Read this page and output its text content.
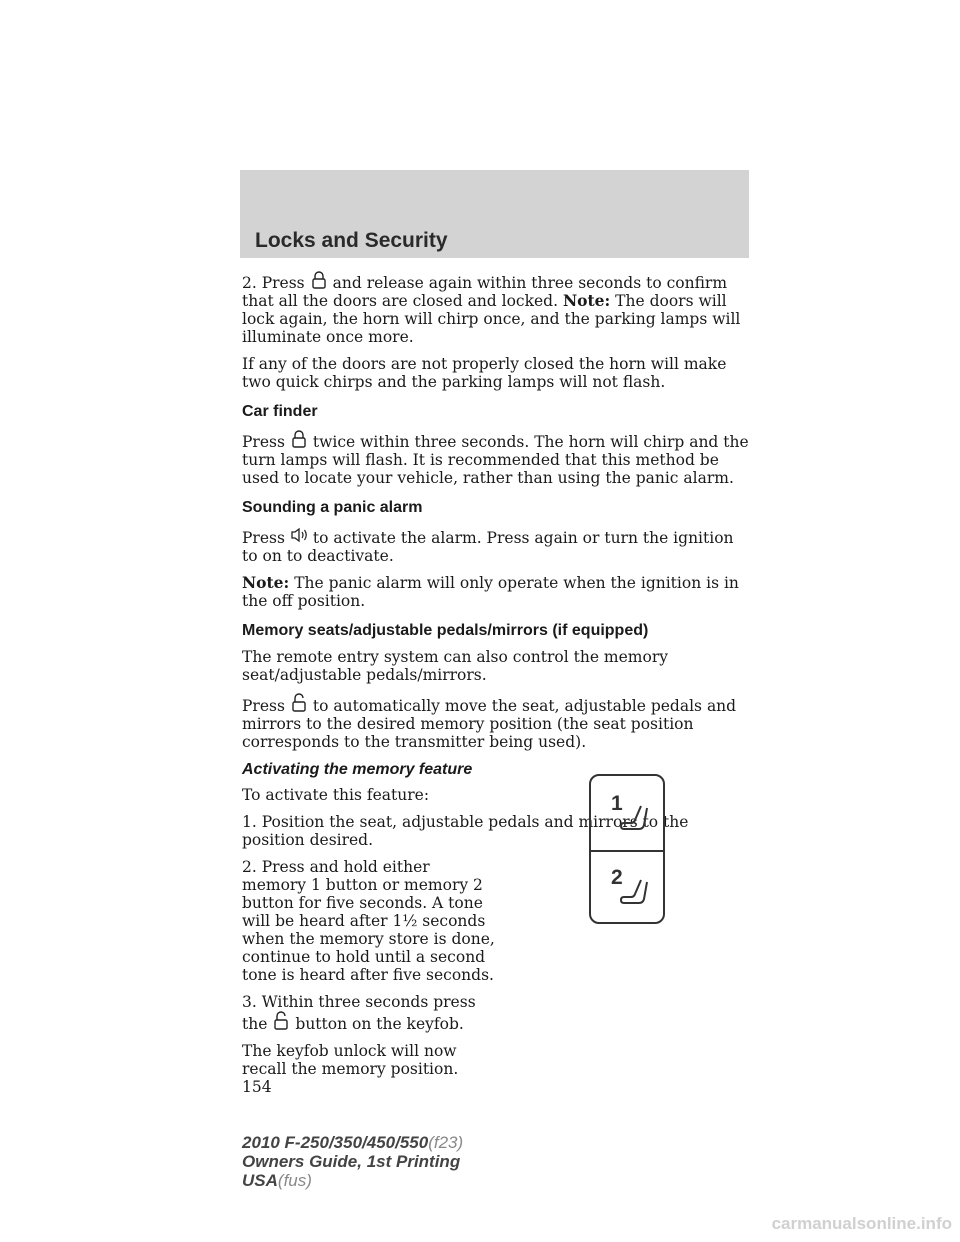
Locks and Security

2. Press and release again within three seconds to confirm that all the doors are closed and locked. Note: The doors will lock again, the horn will chirp once, and the parking lamps will illuminate once more.

If any of the doors are not properly closed the horn will make two quick chirps and the parking lamps will not flash.

Car finder

Press twice within three seconds. The horn will chirp and the turn lamps will flash. It is recommended that this method be used to locate your vehicle, rather than using the panic alarm.

Sounding a panic alarm

Press to activate the alarm. Press again or turn the ignition to on to deactivate.

Note: The panic alarm will only operate when the ignition is in the off position.

Memory seats/adjustable pedals/mirrors (if equipped)

The remote entry system can also control the memory seat/adjustable pedals/mirrors.

Press to automatically move the seat, adjustable pedals and mirrors to the desired memory position (the seat position corresponds to the transmitter being used).

Activating the memory feature

To activate this feature:

1. Position the seat, adjustable pedals and mirrors to the position desired.

2. Press and hold either memory 1 button or memory 2 button for five seconds. A tone will be heard after 1½ seconds when the memory store is done, continue to hold until a second tone is heard after five seconds.

3. Within three seconds press the button on the keyfob.

The keyfob unlock will now recall the memory position.

154
1
2
2010 F-250/350/450/550(f23)
Owners Guide, 1st Printing
USA(fus)
carmanualsonline.info
